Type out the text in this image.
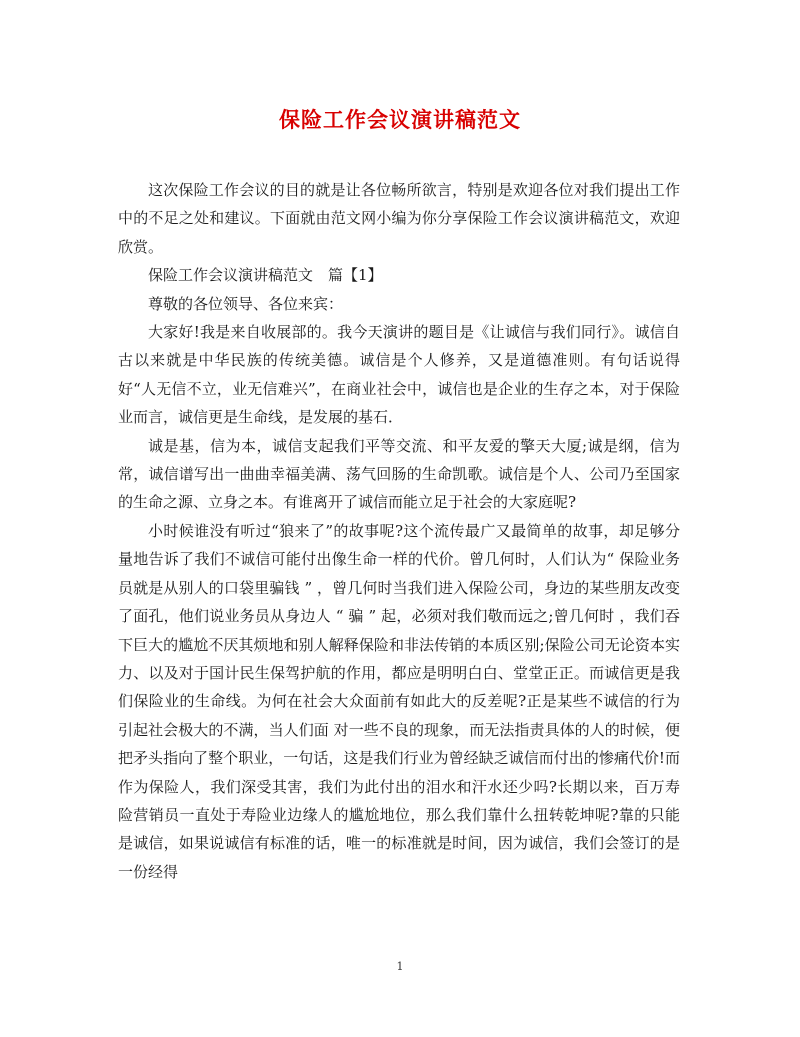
保险工作会议演讲稿范文

这次保险工作会议的目的就是让各位畅所欲言，特别是欢迎各位对我们提出工作中的不足之处和建议。下面就由范文网小编为你分享保险工作会议演讲稿范文，欢迎欣赏。

保险工作会议演讲稿范文　篇【1】

尊敬的各位领导、各位来宾：

大家好!我是来自收展部的。我今天演讲的题目是《让诚信与我们同行》。诚信自古以来就是中华民族的传统美德。诚信是个人修养，又是道德准则。有句话说得好“人无信不立，业无信难兴”，在商业社会中，诚信也是企业的生存之本，对于保险业而言，诚信更是生命线，是发展的基石．

诚是基，信为本，诚信支起我们平等交流、和平友爱的擎天大厦;诚是纲，信为常，诚信谱写出一曲曲幸福美满、荡气回肠的生命凯歌。诚信是个人、公司乃至国家的生命之源、立身之本。有谁离开了诚信而能立足于社会的大家庭呢?

小时候谁没有听过“狼来了”的故事呢?这个流传最广又最简单的故事，却足够分量地告诉了我们不诚信可能付出像生命一样的代价。曾几何时，人们认为“ 保险业务员就是从别人的口袋里骗钱 ” ，曾几何时当我们进入保险公司，身边的某些朋友改变了面孔，他们说业务员从身边人 “ 骗 ” 起，必须对我们敬而远之;曾几何时 ，我们吞下巨大的尴尬不厌其烦地和别人解释保险和非法传销的本质区别;保险公司无论资本实力、以及对于国计民生保驾护航的作用，都应是明明白白、堂堂正正。而诚信更是我们保险业的生命线。为何在社会大众面前有如此大的反差呢?正是某些不诚信的行为引起社会极大的不满，当人们面 对一些不良的现象，而无法指责具体的人的时候，便把矛头指向了整个职业，一句话，这是我们行业为曾经缺乏诚信而付出的惨痛代价!而作为保险人，我们深受其害，我们为此付出的泪水和汗水还少吗?长期以来，百万寿险营销员一直处于寿险业边缘人的尴尬地位，那么我们靠什么扭转乾坤呢?靠的只能是诚信，如果说诚信有标准的话，唯一的标准就是时间，因为诚信，我们会签订的是一份经得

1
